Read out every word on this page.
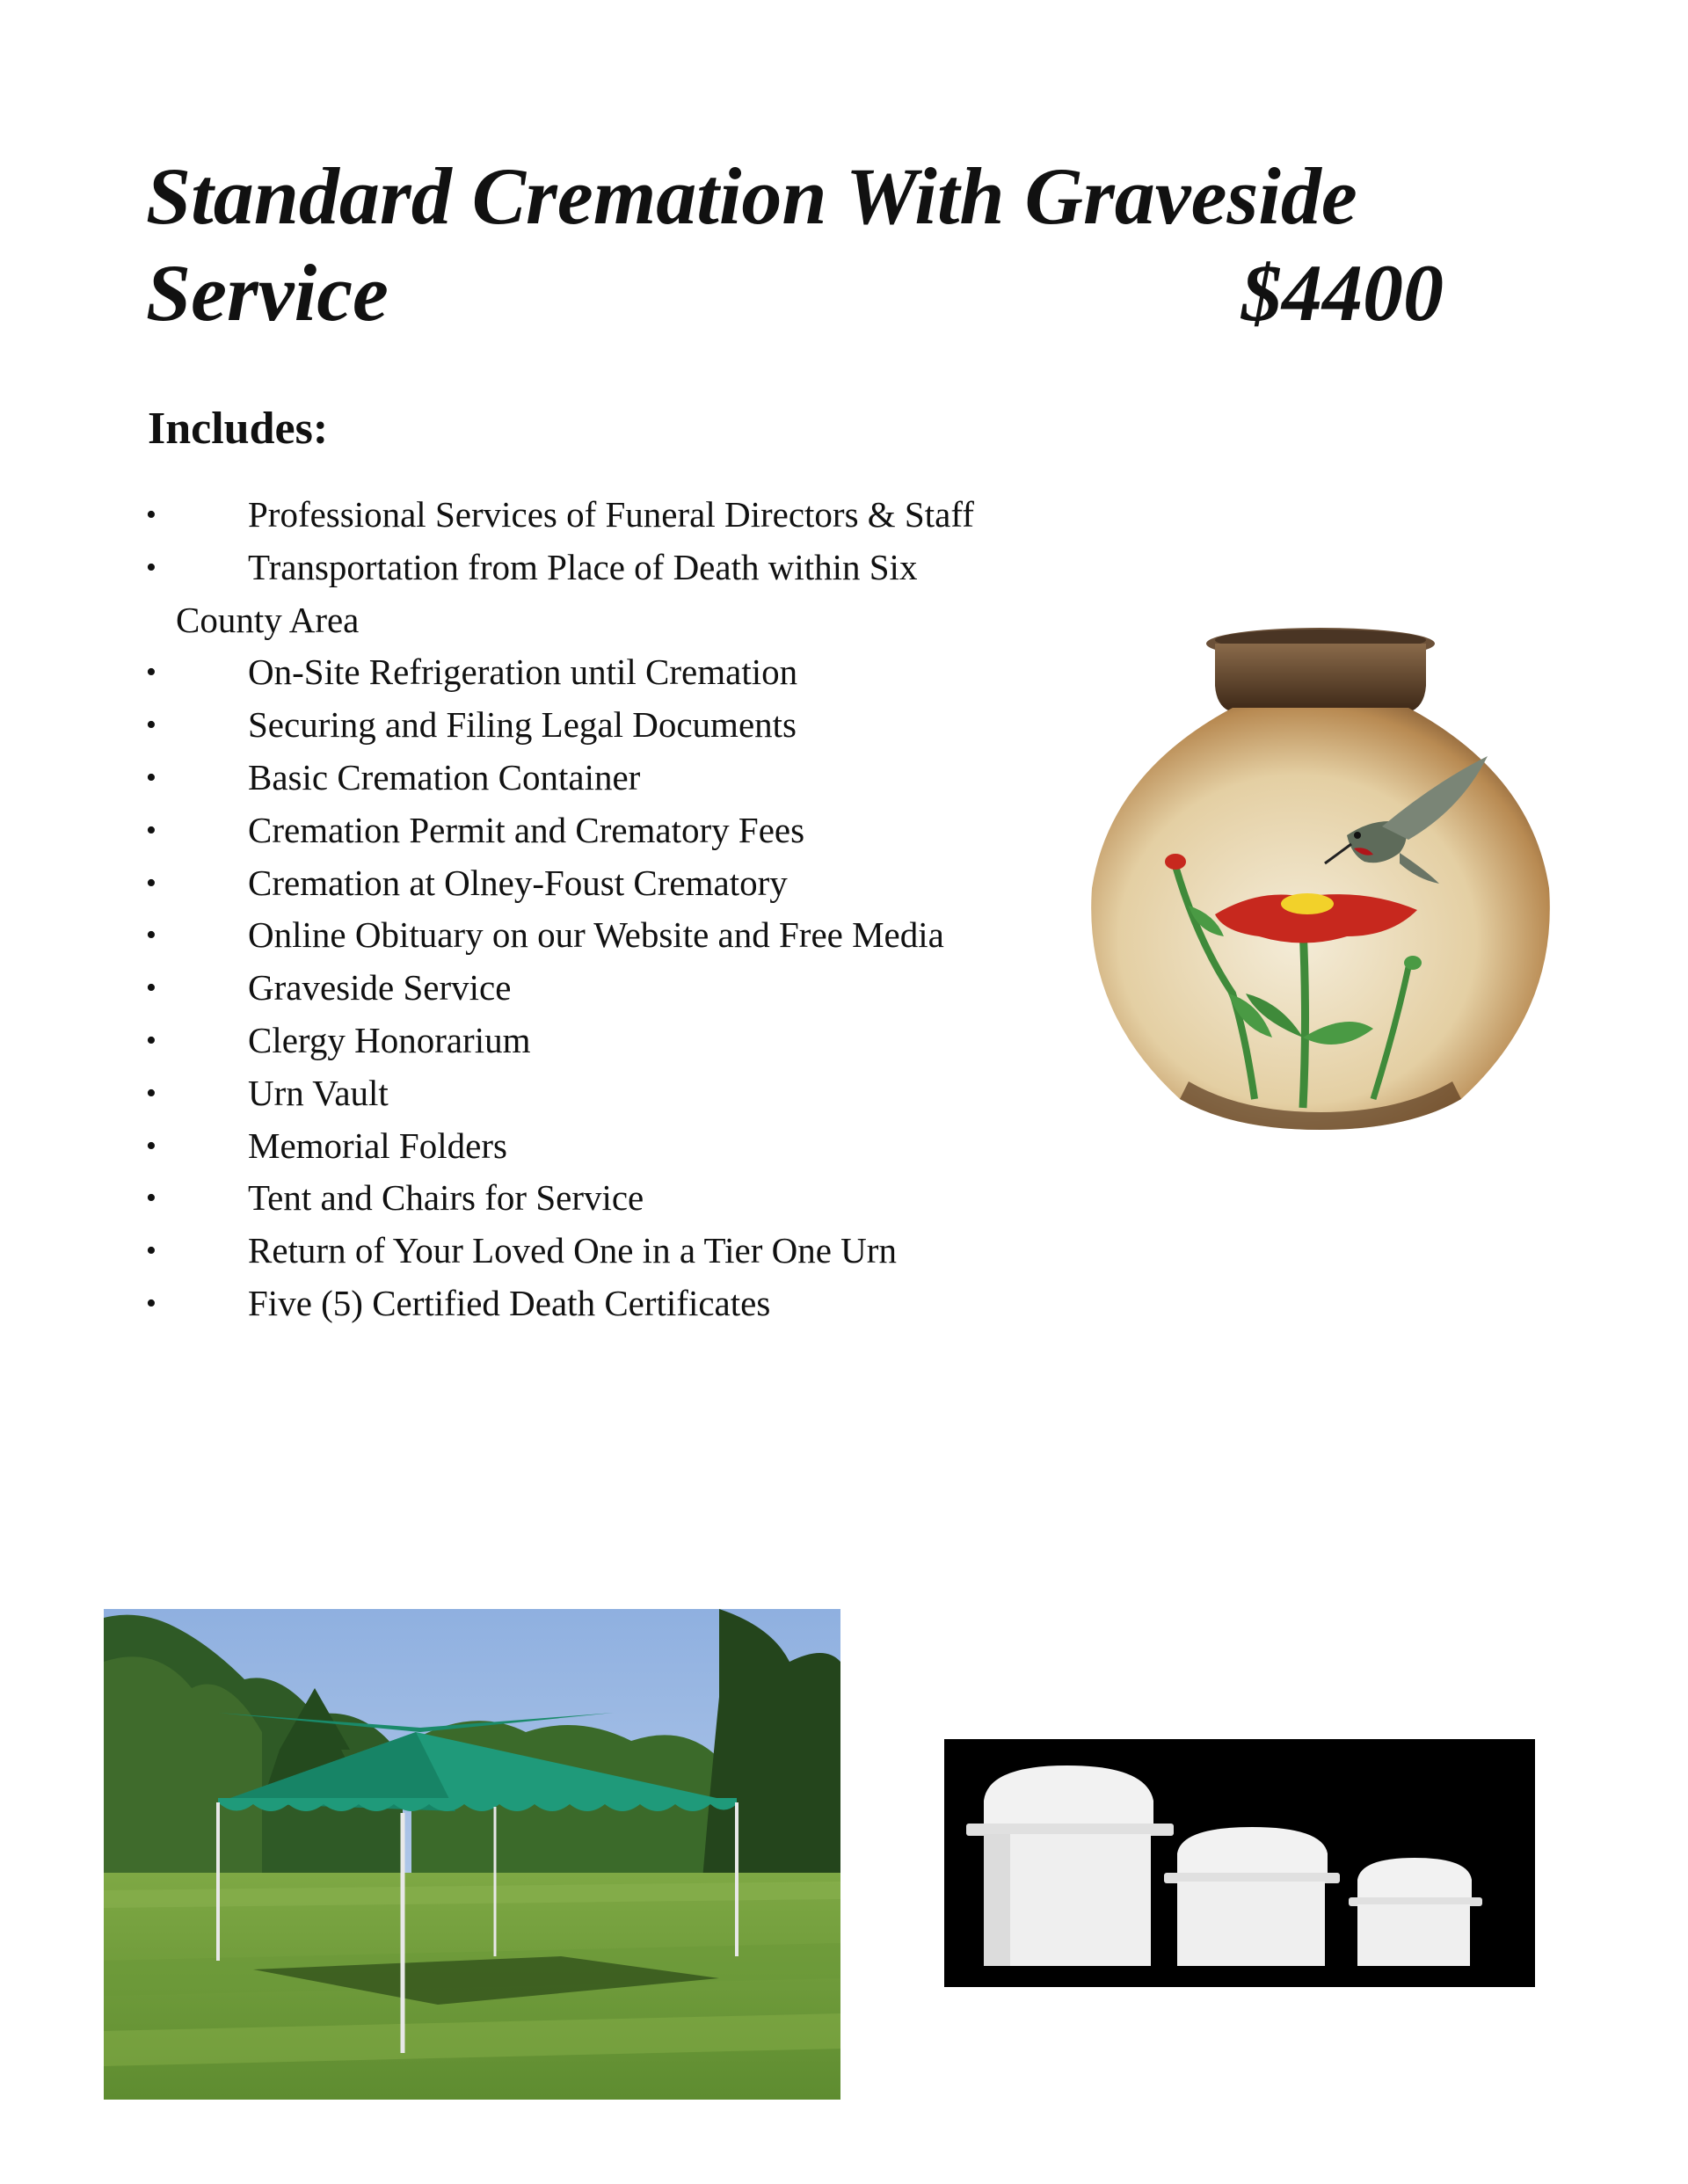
Standard Cremation With Graveside
Service	$4400
Includes:
•	Professional Services of Funeral Directors & Staff
•	Transportation from Place of Death within Six
County Area
•	On-Site Refrigeration until Cremation
•	Securing and Filing Legal Documents
•	Basic Cremation Container
•	Cremation Permit and Crematory Fees
•	Cremation at Olney-Foust Crematory
•	Online Obituary on our Website and Free Media
•	Graveside Service
•	Clergy Honorarium
•	Urn Vault
•	Memorial Folders
•	Tent and Chairs for Service
•	Return of Your Loved One in a Tier One Urn
•	Five (5) Certified Death Certificates
